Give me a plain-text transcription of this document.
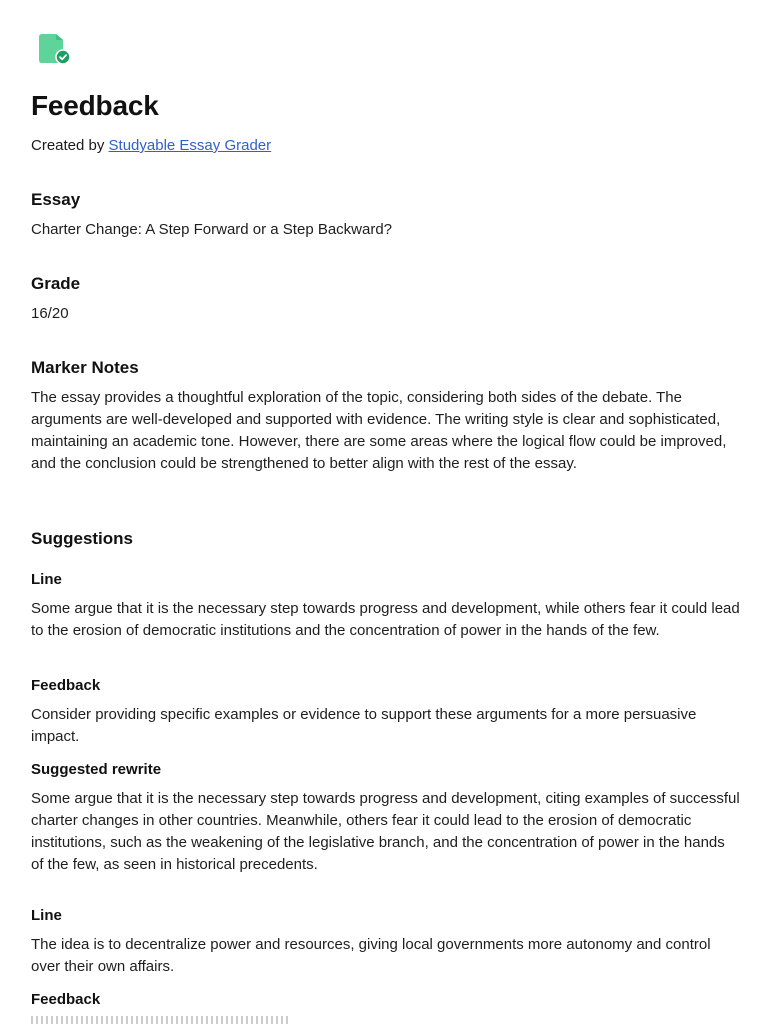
Feedback
Created by Studyable Essay Grader
Essay

Charter Change: A Step Forward or a Step Backward?

Grade

16/20

Marker Notes

The essay provides a thoughtful exploration of the topic, considering both sides of the debate. The arguments are well-developed and supported with evidence. The writing style is clear and sophisticated, maintaining an academic tone. However, there are some areas where the logical flow could be improved, and the conclusion could be strengthened to better align with the rest of the essay.

Suggestions
Line

Some argue that it is the necessary step towards progress and development, while others fear it could lead to the erosion of democratic institutions and the concentration of power in the hands of the few.

Feedback

Consider providing specific examples or evidence to support these arguments for a more persuasive impact.

Suggested rewrite

Some argue that it is the necessary step towards progress and development, citing examples of successful charter changes in other countries. Meanwhile, others fear it could lead to the erosion of democratic institutions, such as the weakening of the legislative branch, and the concentration of power in the hands of the few, as seen in historical precedents.

Line

The idea is to decentralize power and resources, giving local governments more autonomy and control over their own affairs.

Feedback
